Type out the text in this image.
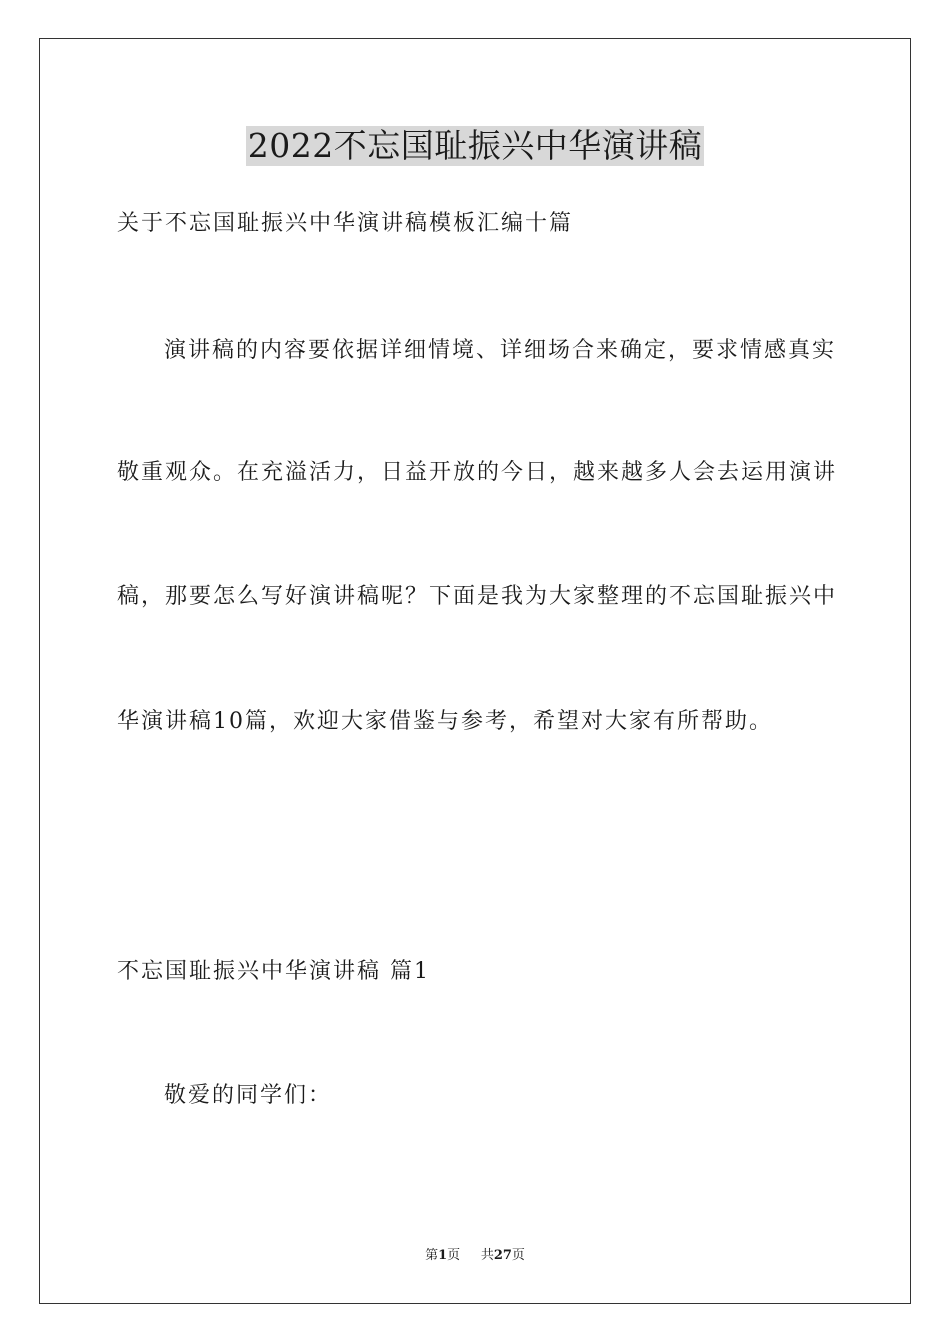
2022不忘国耻振兴中华演讲稿
关于不忘国耻振兴中华演讲稿模板汇编十篇
演讲稿的内容要依据详细情境、详细场合来确定，要求情感真实
敬重观众。在充溢活力，日益开放的今日，越来越多人会去运用演讲
稿，那要怎么写好演讲稿呢？下面是我为大家整理的不忘国耻振兴中
华演讲稿10篇，欢迎大家借鉴与参考，希望对大家有所帮助。
不忘国耻振兴中华演讲稿 篇1
敬爱的同学们：
第1页 共27页
